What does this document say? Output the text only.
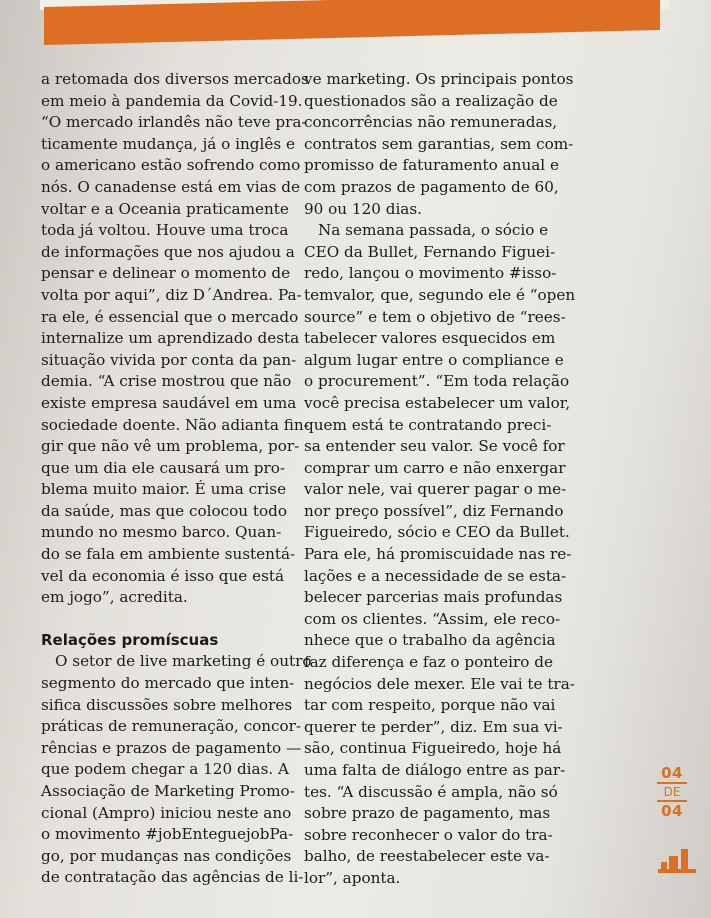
a retomada dos diversos mercados
em meio à pandemia da Covid-19.
“O mercado irlandês não teve pra-
ticamente mudança, já o inglês e
o americano estão sofrendo como
nós. O canadense está em vias de
voltar e a Oceania praticamente
toda já voltou. Houve uma troca
de informações que nos ajudou a
pensar e delinear o momento de
volta por aqui”, diz D´Andrea. Pa-
ra ele, é essencial que o mercado
internalize um aprendizado desta
situação vivida por conta da pan-
demia. “A crise mostrou que não
existe empresa saudável em uma
sociedade doente. Não adianta fin-
gir que não vê um problema, por-
que um dia ele causará um pro-
blema muito maior. É uma crise
da saúde, mas que colocou todo
mundo no mesmo barco. Quan-
do se fala em ambiente sustentá-
vel da economia é isso que está
em jogo”, acredita.

Relações promíscuas

O setor de live marketing é outro
segmento do mercado que inten-
sifica discussões sobre melhores
práticas de remuneração, concor-
rências e prazos de pagamento —
que podem chegar a 120 dias. A
Associação de Marketing Promo-
cional (Ampro) iniciou neste ano
o movimento #jobEnteguejobPa-
go, por mudanças nas condições
de contratação das agências de li-

ve marketing. Os principais pontos
questionados são a realização de
concorrências não remuneradas,
contratos sem garantias, sem com-
promisso de faturamento anual e
com prazos de pagamento de 60,
90 ou 120 dias.

Na semana passada, o sócio e
CEO da Bullet, Fernando Figuei-
redo, lançou o movimento #isso-
temvalor, que, segundo ele é “open
source” e tem o objetivo de “rees-
tabelecer valores esquecidos em
algum lugar entre o compliance e
o procurement”. “Em toda relação
você precisa estabelecer um valor,
quem está te contratando preci-
sa entender seu valor. Se você for
comprar um carro e não enxergar
valor nele, vai querer pagar o me-
nor preço possível”, diz Fernando
Figueiredo, sócio e CEO da Bullet.
Para ele, há promiscuidade nas re-
lações e a necessidade de se esta-
belecer parcerias mais profundas
com os clientes. “Assim, ele reco-
nhece que o trabalho da agência
faz diferença e faz o ponteiro de
negócios dele mexer. Ele vai te tra-
tar com respeito, porque não vai
querer te perder”, diz. Em sua vi-
são, continua Figueiredo, hoje há
uma falta de diálogo entre as par-
tes. “A discussão é ampla, não só
sobre prazo de pagamento, mas
sobre reconhecer o valor do tra-
balho, de reestabelecer este va-
lor”, aponta.

04
DE
04
